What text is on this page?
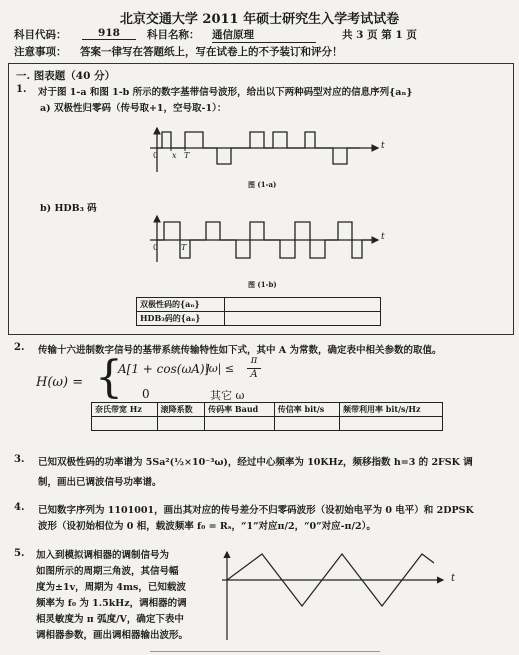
北京交通大学 2011 年硕士研究生入学考试试卷
科目代码：	918	科目名称： 通信原理	共 3 页 第 1 页
注意事项： 答案一律写在答题纸上，写在试卷上的不予装订和评分！
一. 图表题（40 分）
1. 对于图 1-a 和图 1-b 所示的数字基带信号波形，给出以下两种码型对应的信息序列{aₙ}
a) 双极性归零码（传号取+1，空号取-1）：
0 x T
t
图 (1-a)
b) HDB₃ 码
0	T
t
图 (1-b)
双极性码的{aₙ}	
HDB₃码的{aₙ}	
2. 传输十六进制数字信号的基带系统传输特性如下式，其中 A 为常数，确定表中相关参数的取值。
H(ω) = {
A[1 + cos(ωA)]
|ω| ≤
π
A
0	其它 ω
奈氏带宽 Hz	滚降系数	传码率 Baud	传信率 bit/s	频带利用率 bit/s/Hz

3. 已知双极性码的功率谱为 5Sa²(½×10⁻³ω)，经过中心频率为 10KHz，频移指数 h=3 的 2FSK 调
制，画出已调波信号功率谱。
4. 已知数字序列为 1101001，画出其对应的传号差分不归零码波形（设初始电平为 0 电平）和 2DPSK
波形（设初始相位为 0 相，载波频率 f₀ = Rₛ，“1”对应π/2，“0”对应-π/2）。
5. 加入到模拟调相器的调制信号为
如图所示的周期三角波，其信号幅
度为±1v，周期为 4ms，已知载波
频率为 f₀ 为 1.5kHz，调相器的调
相灵敏度为 π 弧度/V，确定下表中
调相器参数，画出调相器输出波形。
t
